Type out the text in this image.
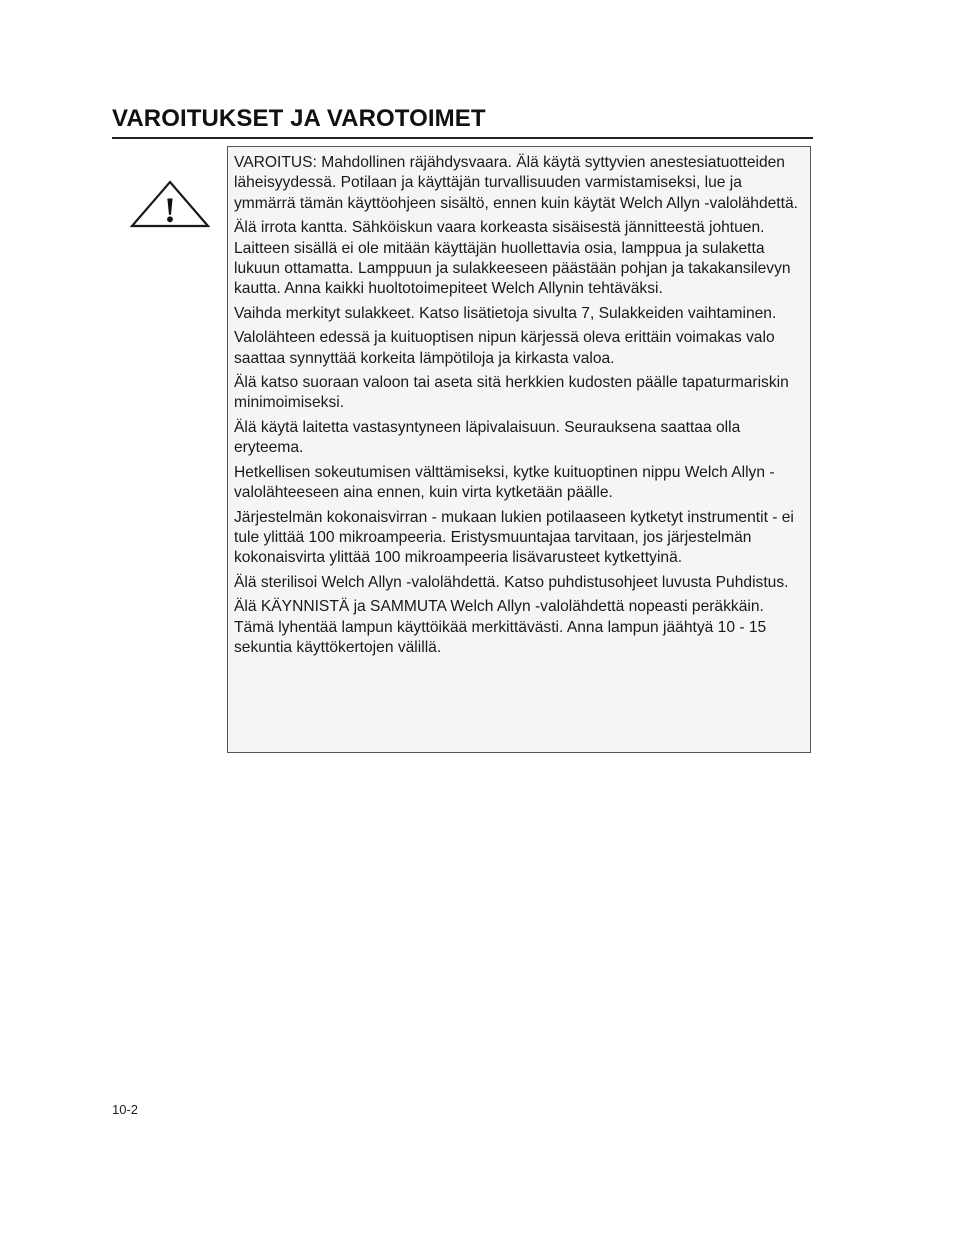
VAROITUKSET JA VAROTOIMET
!

VAROITUS: Mahdollinen räjähdysvaara. Älä käytä syttyvien anestesiatuotteiden läheisyydessä. Potilaan ja käyttäjän turvallisuuden varmistamiseksi, lue ja ymmärrä tämän käyttöohjeen sisältö, ennen kuin käytät Welch Allyn -valolähdettä.

Älä irrota kantta. Sähköiskun vaara korkeasta sisäisestä jännitteestä johtuen. Laitteen sisällä ei ole mitään käyttäjän huollettavia osia, lamppua ja sulaketta lukuun ottamatta. Lamppuun ja sulakkeeseen päästään pohjan ja takakansilevyn kautta. Anna kaikki huoltotoimepiteet Welch Allynin tehtäväksi.

Vaihda merkityt sulakkeet. Katso lisätietoja sivulta 7, Sulakkeiden vaihtaminen.

Valolähteen edessä ja kuituoptisen nipun kärjessä oleva erittäin voimakas valo saattaa synnyttää korkeita lämpötiloja ja kirkasta valoa.

Älä katso suoraan valoon tai aseta sitä herkkien kudosten päälle tapaturmariskin minimoimiseksi.

Älä käytä laitetta vastasyntyneen läpivalaisuun. Seurauksena saattaa olla eryteema.

Hetkellisen sokeutumisen välttämiseksi, kytke kuituoptinen nippu Welch Allyn -valolähteeseen aina ennen, kuin virta kytketään päälle.

Järjestelmän kokonaisvirran - mukaan lukien potilaaseen kytketyt instrumentit - ei tule ylittää 100 mikroampeeria. Eristysmuuntajaa tarvitaan, jos järjestelmän kokonaisvirta ylittää 100 mikroampeeria lisävarusteet kytkettyinä.

Älä sterilisoi Welch Allyn -valolähdettä. Katso puhdistusohjeet luvusta Puhdistus.

Älä KÄYNNISTÄ ja SAMMUTA Welch Allyn -valolähdettä nopeasti peräkkäin. Tämä lyhentää lampun käyttöikää merkittävästi. Anna lampun jäähtyä 10 - 15 sekuntia käyttökertojen välillä.

10-2
